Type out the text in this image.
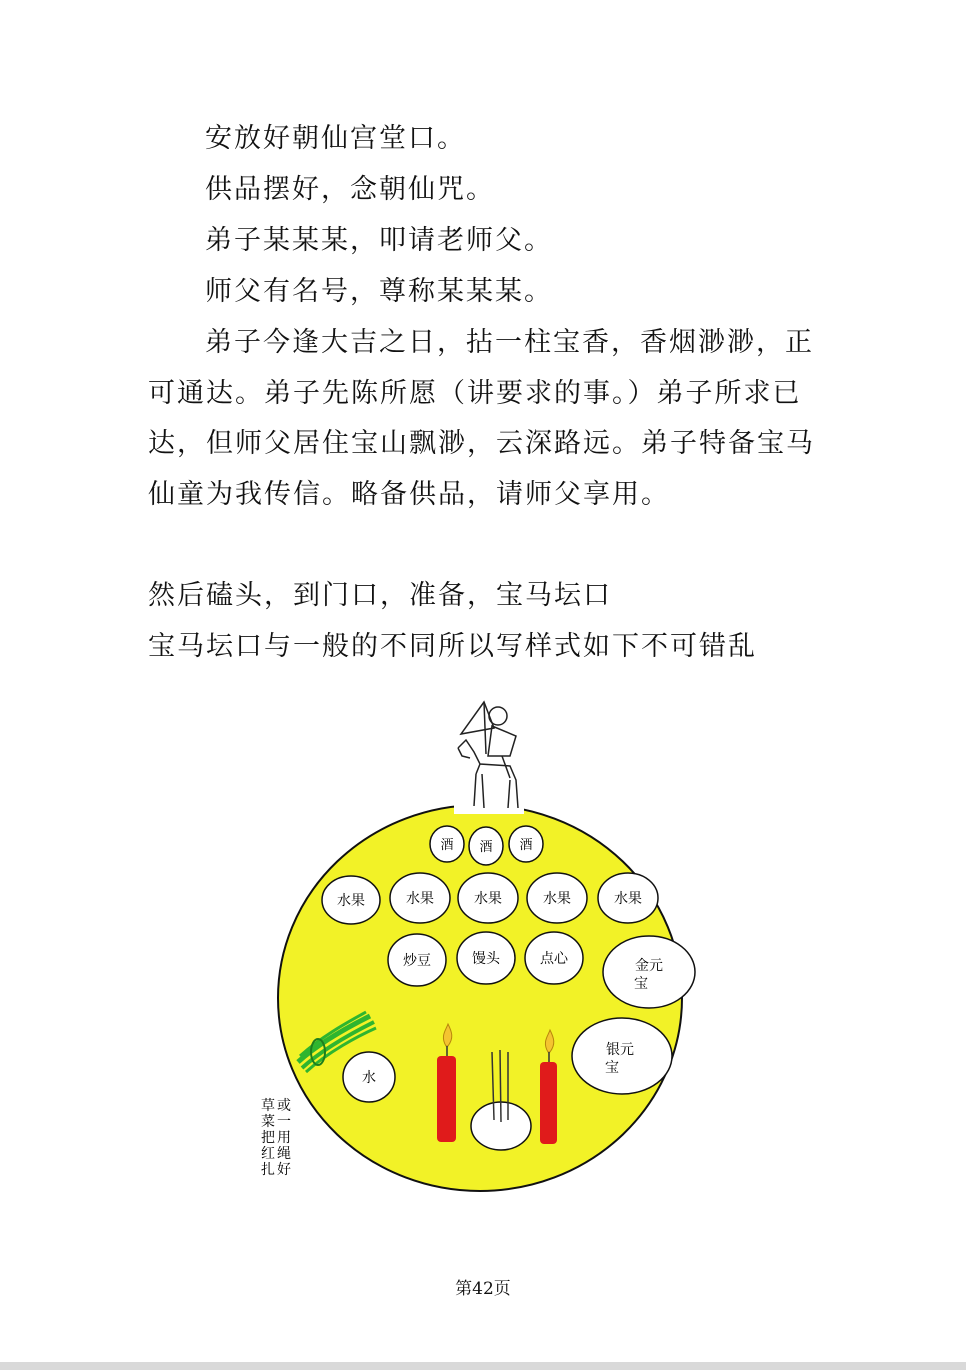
安放好朝仙宫堂口。

供品摆好，念朝仙咒。

弟子某某某，叩请老师父。

师父有名号，尊称某某某。

弟子今逢大吉之日，拈一柱宝香，香烟渺渺，正

可通达。弟子先陈所愿（讲要求的事。）弟子所求已

达，但师父居住宝山飘渺，云深路远。弟子特备宝马

仙童为我传信。略备供品，请师父享用。

然后磕头，到门口，准备，宝马坛口

宝马坛口与一般的不同所以写样式如下不可错乱

酒 酒 酒
水果	水果	水果	水果	水果
炒豆	馒头	点心	金元
宝
水
银元
宝
或
一
用
绳
草
菜
把
红
扎 好
第42页
